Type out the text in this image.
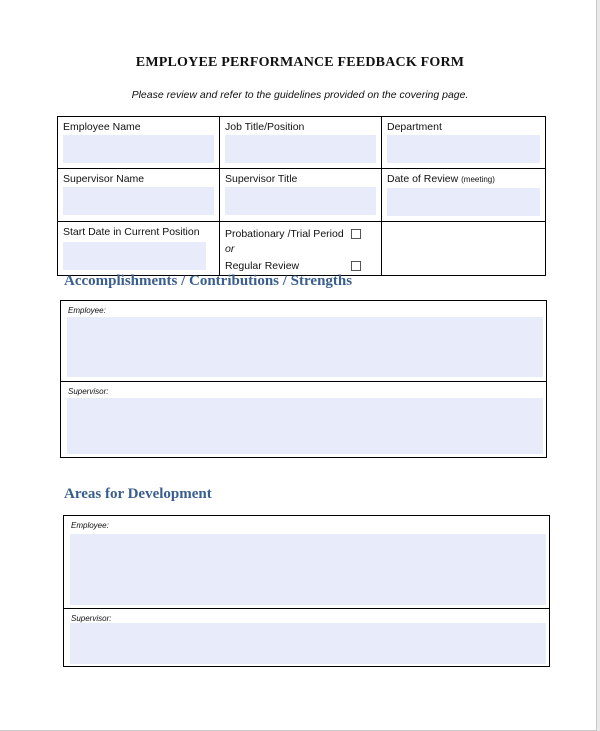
EMPLOYEE PERFORMANCE FEEDBACK FORM
Please review and refer to the guidelines provided on the covering page.
Employee Name	Job Title/Position	Department

Supervisor Name	Supervisor Title	Date of Review (meeting)

Start Date in Current Position	Probationary /Trial Period
or
Regular Review	

Accomplishments / Contributions / Strengths
Employee:
Supervisor:
Areas for Development
Employee:
Supervisor:
